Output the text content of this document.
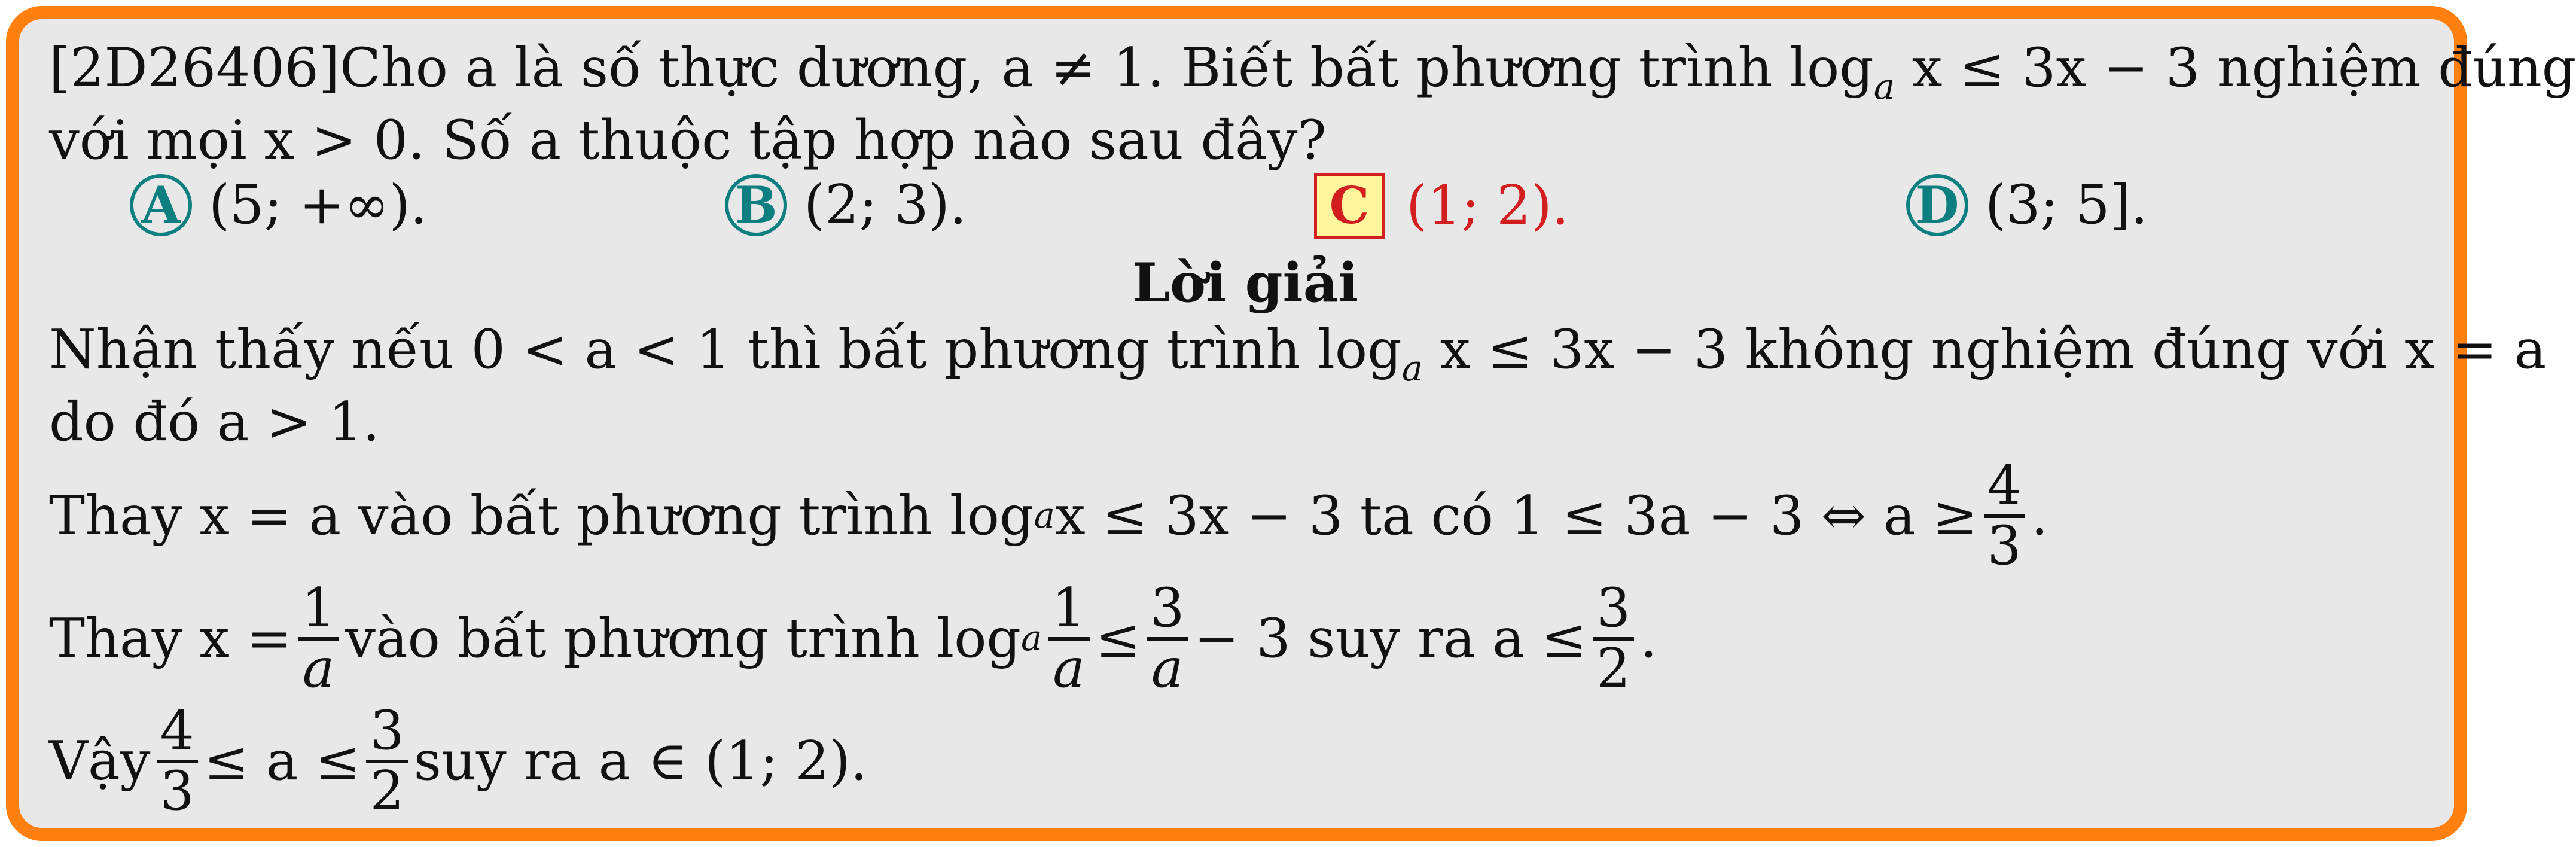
[2D26406]Cho a là số thực dương, a ≠ 1. Biết bất phương trình $\log_a x \le 3x - 3$ nghiệm đúng

với mọi x > 0. Số a thuộc tập hợp nào sau đây?

A (5; +∞).	B (2; 3).	C (1; 2).	D (3; 5].

Lời giải

Nhận thấy nếu 0 < a < 1 thì bất phương trình $\log_a x \le 3x - 3$ không nghiệm đúng với x = a

do đó a > 1.

Thay x = a vào bất phương trình log a x ≤ 3x − 3 ta có 1 ≤ 3a − 3 ⇔ $a \ge \frac{4}{3}$ .
Thay $x = \frac{1}{a}$ vào bất phương trình log a $\frac{1}{a} \le \frac{3}{a} - 3$ suy ra $a \le \frac{3}{2}$ .
Vậy $\frac{4}{3} \le a \le \frac{3}{2}$ suy ra a ∈ (1; 2).
